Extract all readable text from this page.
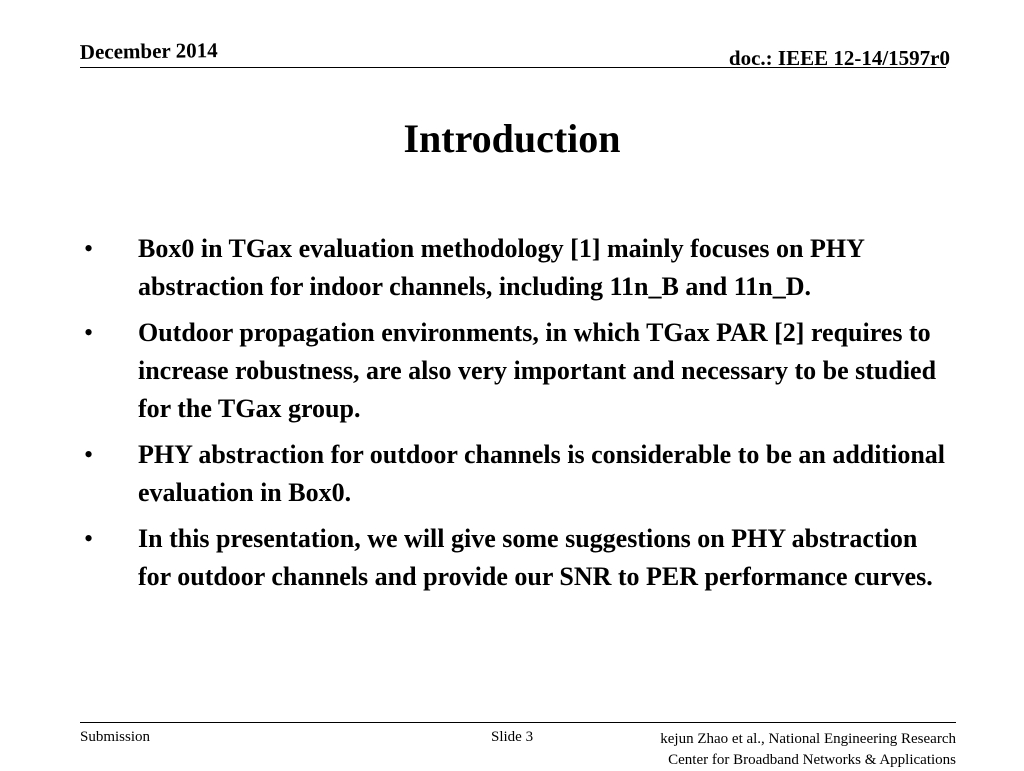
December 2014	doc.: IEEE 12-14/1597r0
Introduction
• Box0 in TGax evaluation methodology [1] mainly focuses on PHY abstraction for indoor channels, including 11n_B and 11n_D.
• Outdoor propagation environments, in which TGax PAR [2] requires to increase robustness, are also very important and necessary to be studied for the TGax group.
• PHY abstraction for outdoor channels is considerable to be an additional evaluation in Box0.
• In this presentation, we will give some suggestions on PHY abstraction for outdoor channels and provide our SNR to PER performance curves.
Submission	Slide 3	kejun Zhao et al., National Engineering Research
Center for Broadband Networks & Applications
